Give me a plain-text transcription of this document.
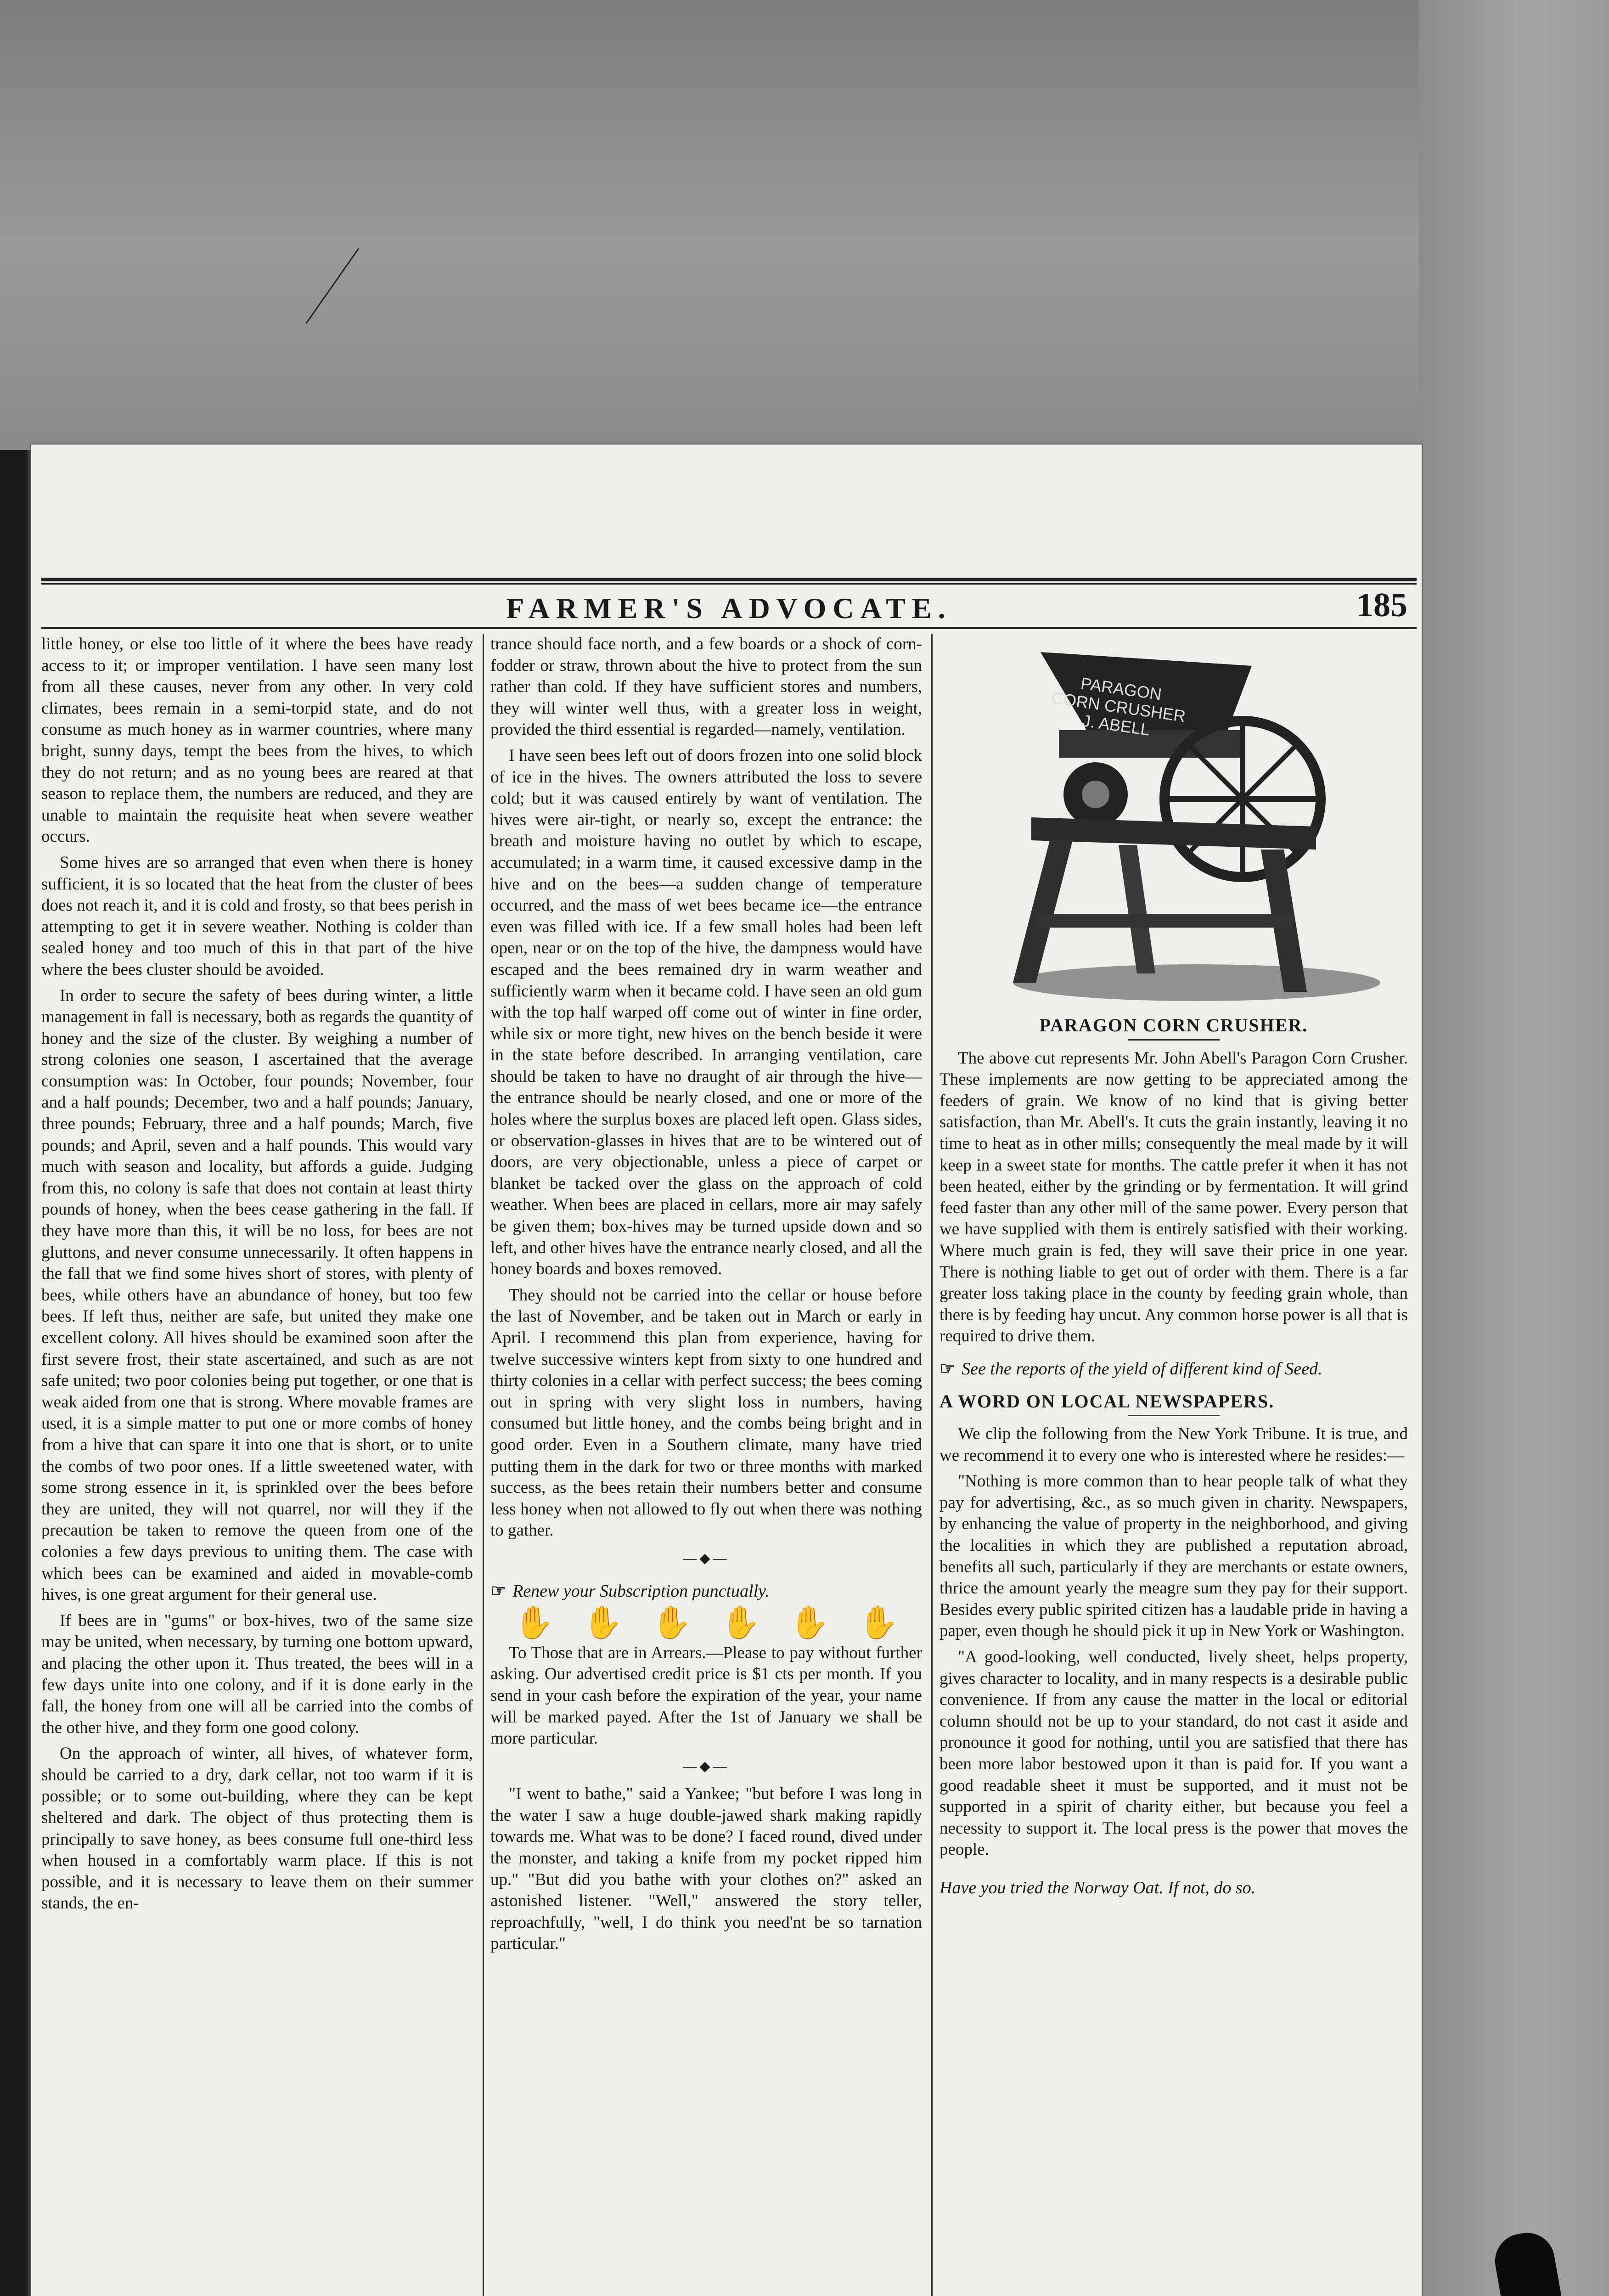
FARMER'S ADVOCATE.	185

little honey, or else too little of it where the bees have ready access to it; or improper ventilation. I have seen many lost from all these causes, never from any other. In very cold climates, bees remain in a semi-torpid state, and do not consume as much honey as in warmer countries, where many bright, sunny days, tempt the bees from the hives, to which they do not return; and as no young bees are reared at that season to replace them, the numbers are reduced, and they are unable to maintain the requisite heat when severe weather occurs.

Some hives are so arranged that even when there is honey sufficient, it is so located that the heat from the cluster of bees does not reach it, and it is cold and frosty, so that bees perish in attempting to get it in severe weather. Nothing is colder than sealed honey and too much of this in that part of the hive where the bees cluster should be avoided.

In order to secure the safety of bees during winter, a little management in fall is necessary, both as regards the quantity of honey and the size of the cluster. By weighing a number of strong colonies one season, I ascertained that the average consumption was: In October, four pounds; November, four and a half pounds; December, two and a half pounds; January, three pounds; February, three and a half pounds; March, five pounds; and April, seven and a half pounds. This would vary much with season and locality, but affords a guide. Judging from this, no colony is safe that does not contain at least thirty pounds of honey, when the bees cease gathering in the fall. If they have more than this, it will be no loss, for bees are not gluttons, and never consume unnecessarily. It often happens in the fall that we find some hives short of stores, with plenty of bees, while others have an abundance of honey, but too few bees. If left thus, neither are safe, but united they make one excellent colony. All hives should be examined soon after the first severe frost, their state ascertained, and such as are not safe united; two poor colonies being put together, or one that is weak aided from one that is strong. Where movable frames are used, it is a simple matter to put one or more combs of honey from a hive that can spare it into one that is short, or to unite the combs of two poor ones. If a little sweetened water, with some strong essence in it, is sprinkled over the bees before they are united, they will not quarrel, nor will they if the precaution be taken to remove the queen from one of the colonies a few days previous to uniting them. The case with which bees can be examined and aided in movable-comb hives, is one great argument for their general use.

If bees are in "gums" or box-hives, two of the same size may be united, when necessary, by turning one bottom upward, and placing the other upon it. Thus treated, the bees will in a few days unite into one colony, and if it is done early in the fall, the honey from one will all be carried into the combs of the other hive, and they form one good colony.

On the approach of winter, all hives, of whatever form, should be carried to a dry, dark cellar, not too warm if it is possible; or to some out-building, where they can be kept sheltered and dark. The object of thus protecting them is principally to save honey, as bees consume full one-third less when housed in a comfortably warm place. If this is not possible, and it is necessary to leave them on their summer stands, the en-

trance should face north, and a few boards or a shock of corn-fodder or straw, thrown about the hive to protect from the sun rather than cold. If they have sufficient stores and numbers, they will winter well thus, with a greater loss in weight, provided the third essential is regarded—namely, ventilation.

I have seen bees left out of doors frozen into one solid block of ice in the hives. The owners attributed the loss to severe cold; but it was caused entirely by want of ventilation. The hives were air-tight, or nearly so, except the entrance: the breath and moisture having no outlet by which to escape, accumulated; in a warm time, it caused excessive damp in the hive and on the bees—a sudden change of temperature occurred, and the mass of wet bees became ice—the entrance even was filled with ice. If a few small holes had been left open, near or on the top of the hive, the dampness would have escaped and the bees remained dry in warm weather and sufficiently warm when it became cold. I have seen an old gum with the top half warped off come out of winter in fine order, while six or more tight, new hives on the bench beside it were in the state before described. In arranging ventilation, care should be taken to have no draught of air through the hive—the entrance should be nearly closed, and one or more of the holes where the surplus boxes are placed left open. Glass sides, or observation-glasses in hives that are to be wintered out of doors, are very objectionable, unless a piece of carpet or blanket be tacked over the glass on the approach of cold weather. When bees are placed in cellars, more air may safely be given them; box-hives may be turned upside down and so left, and other hives have the entrance nearly closed, and all the honey boards and boxes removed.

They should not be carried into the cellar or house before the last of November, and be taken out in March or early in April. I recommend this plan from experience, having for twelve successive winters kept from sixty to one hundred and thirty colonies in a cellar with perfect success; the bees coming out in spring with very slight loss in numbers, having consumed but little honey, and the combs being bright and in good order. Even in a Southern climate, many have tried putting them in the dark for two or three months with marked success, as the bees retain their numbers better and consume less honey when not allowed to fly out when there was nothing to gather.

—◆—
☞ Renew your Subscription punctually.
✋ ✋ ✋ ✋ ✋ ✋

To Those that are in Arrears.—Please to pay without further asking. Our advertised credit price is $1 cts per month. If you send in your cash before the expiration of the year, your name will be marked payed. After the 1st of January we shall be more particular.

—◆—

"I went to bathe," said a Yankee; "but before I was long in the water I saw a huge double-jawed shark making rapidly towards me. What was to be done? I faced round, dived under the monster, and taking a knife from my pocket ripped him up." "But did you bathe with your clothes on?" asked an astonished listener. "Well," answered the story teller, reproachfully, "well, I do think you need'nt be so tarnation particular."

PARAGON
CORN CRUSHER
J. ABELL
PARAGON CORN CRUSHER.

The above cut represents Mr. John Abell's Paragon Corn Crusher. These implements are now getting to be appreciated among the feeders of grain. We know of no kind that is giving better satisfaction, than Mr. Abell's. It cuts the grain instantly, leaving it no time to heat as in other mills; consequently the meal made by it will keep in a sweet state for months. The cattle prefer it when it has not been heated, either by the grinding or by fermentation. It will grind feed faster than any other mill of the same power. Every person that we have supplied with them is entirely satisfied with their working. Where much grain is fed, they will save their price in one year. There is nothing liable to get out of order with them. There is a far greater loss taking place in the county by feeding grain whole, than there is by feeding hay uncut. Any common horse power is all that is required to drive them.

☞ See the reports of the yield of different kind of Seed.
A WORD ON LOCAL NEWSPAPERS.

We clip the following from the New York Tribune. It is true, and we recommend it to every one who is interested where he resides:—

"Nothing is more common than to hear people talk of what they pay for advertising, &c., as so much given in charity. Newspapers, by enhancing the value of property in the neighborhood, and giving the localities in which they are published a reputation abroad, benefits all such, particularly if they are merchants or estate owners, thrice the amount yearly the meagre sum they pay for their support. Besides every public spirited citizen has a laudable pride in having a paper, even though he should pick it up in New York or Washington.

"A good-looking, well conducted, lively sheet, helps property, gives character to locality, and in many respects is a desirable public convenience. If from any cause the matter in the local or editorial column should not be up to your standard, do not cast it aside and pronounce it good for nothing, until you are satisfied that there has been more labor bestowed upon it than is paid for. If you want a good readable sheet it must be supported, and it must not be supported in a spirit of charity either, but because you feel a necessity to support it. The local press is the power that moves the people.

Have you tried the Norway Oat. If not, do so.
